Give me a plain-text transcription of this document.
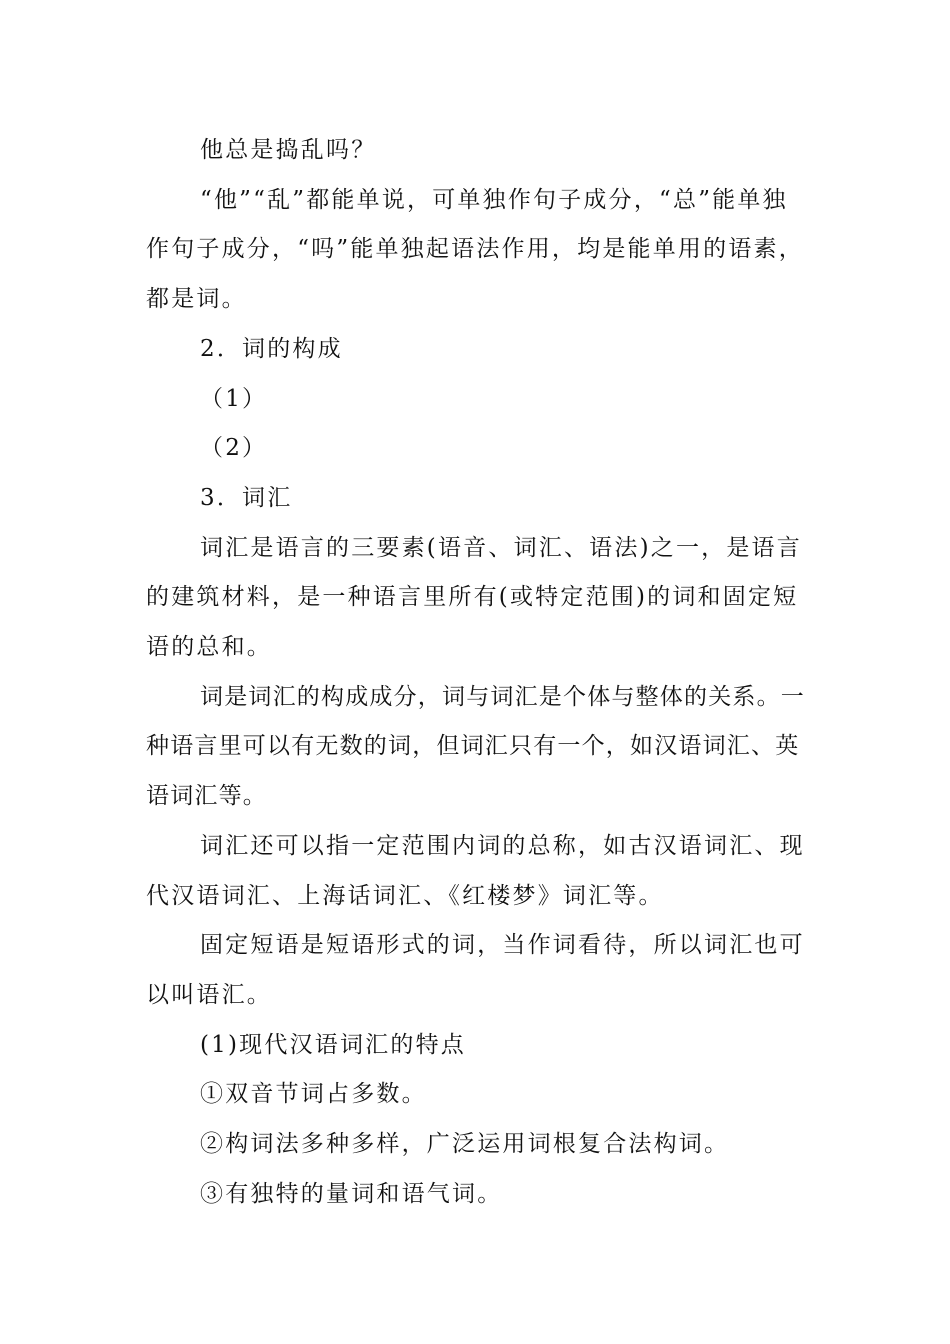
他总是捣乱吗？

“他”“乱”都能单说，可单独作句子成分，“总”能单独作句子成分，“吗”能单独起语法作用，均是能单用的语素，都是词。

2．词的构成

（1）

（2）

3．词汇

词汇是语言的三要素(语音、词汇、语法)之一，是语言的建筑材料，是一种语言里所有(或特定范围)的词和固定短语的总和。

词是词汇的构成成分，词与词汇是个体与整体的关系。一种语言里可以有无数的词，但词汇只有一个，如汉语词汇、英语词汇等。

词汇还可以指一定范围内词的总称，如古汉语词汇、现代汉语词汇、上海话词汇、《红楼梦》词汇等。

固定短语是短语形式的词，当作词看待，所以词汇也可以叫语汇。

(1)现代汉语词汇的特点

①双音节词占多数。

②构词法多种多样，广泛运用词根复合法构词。

③有独特的量词和语气词。
